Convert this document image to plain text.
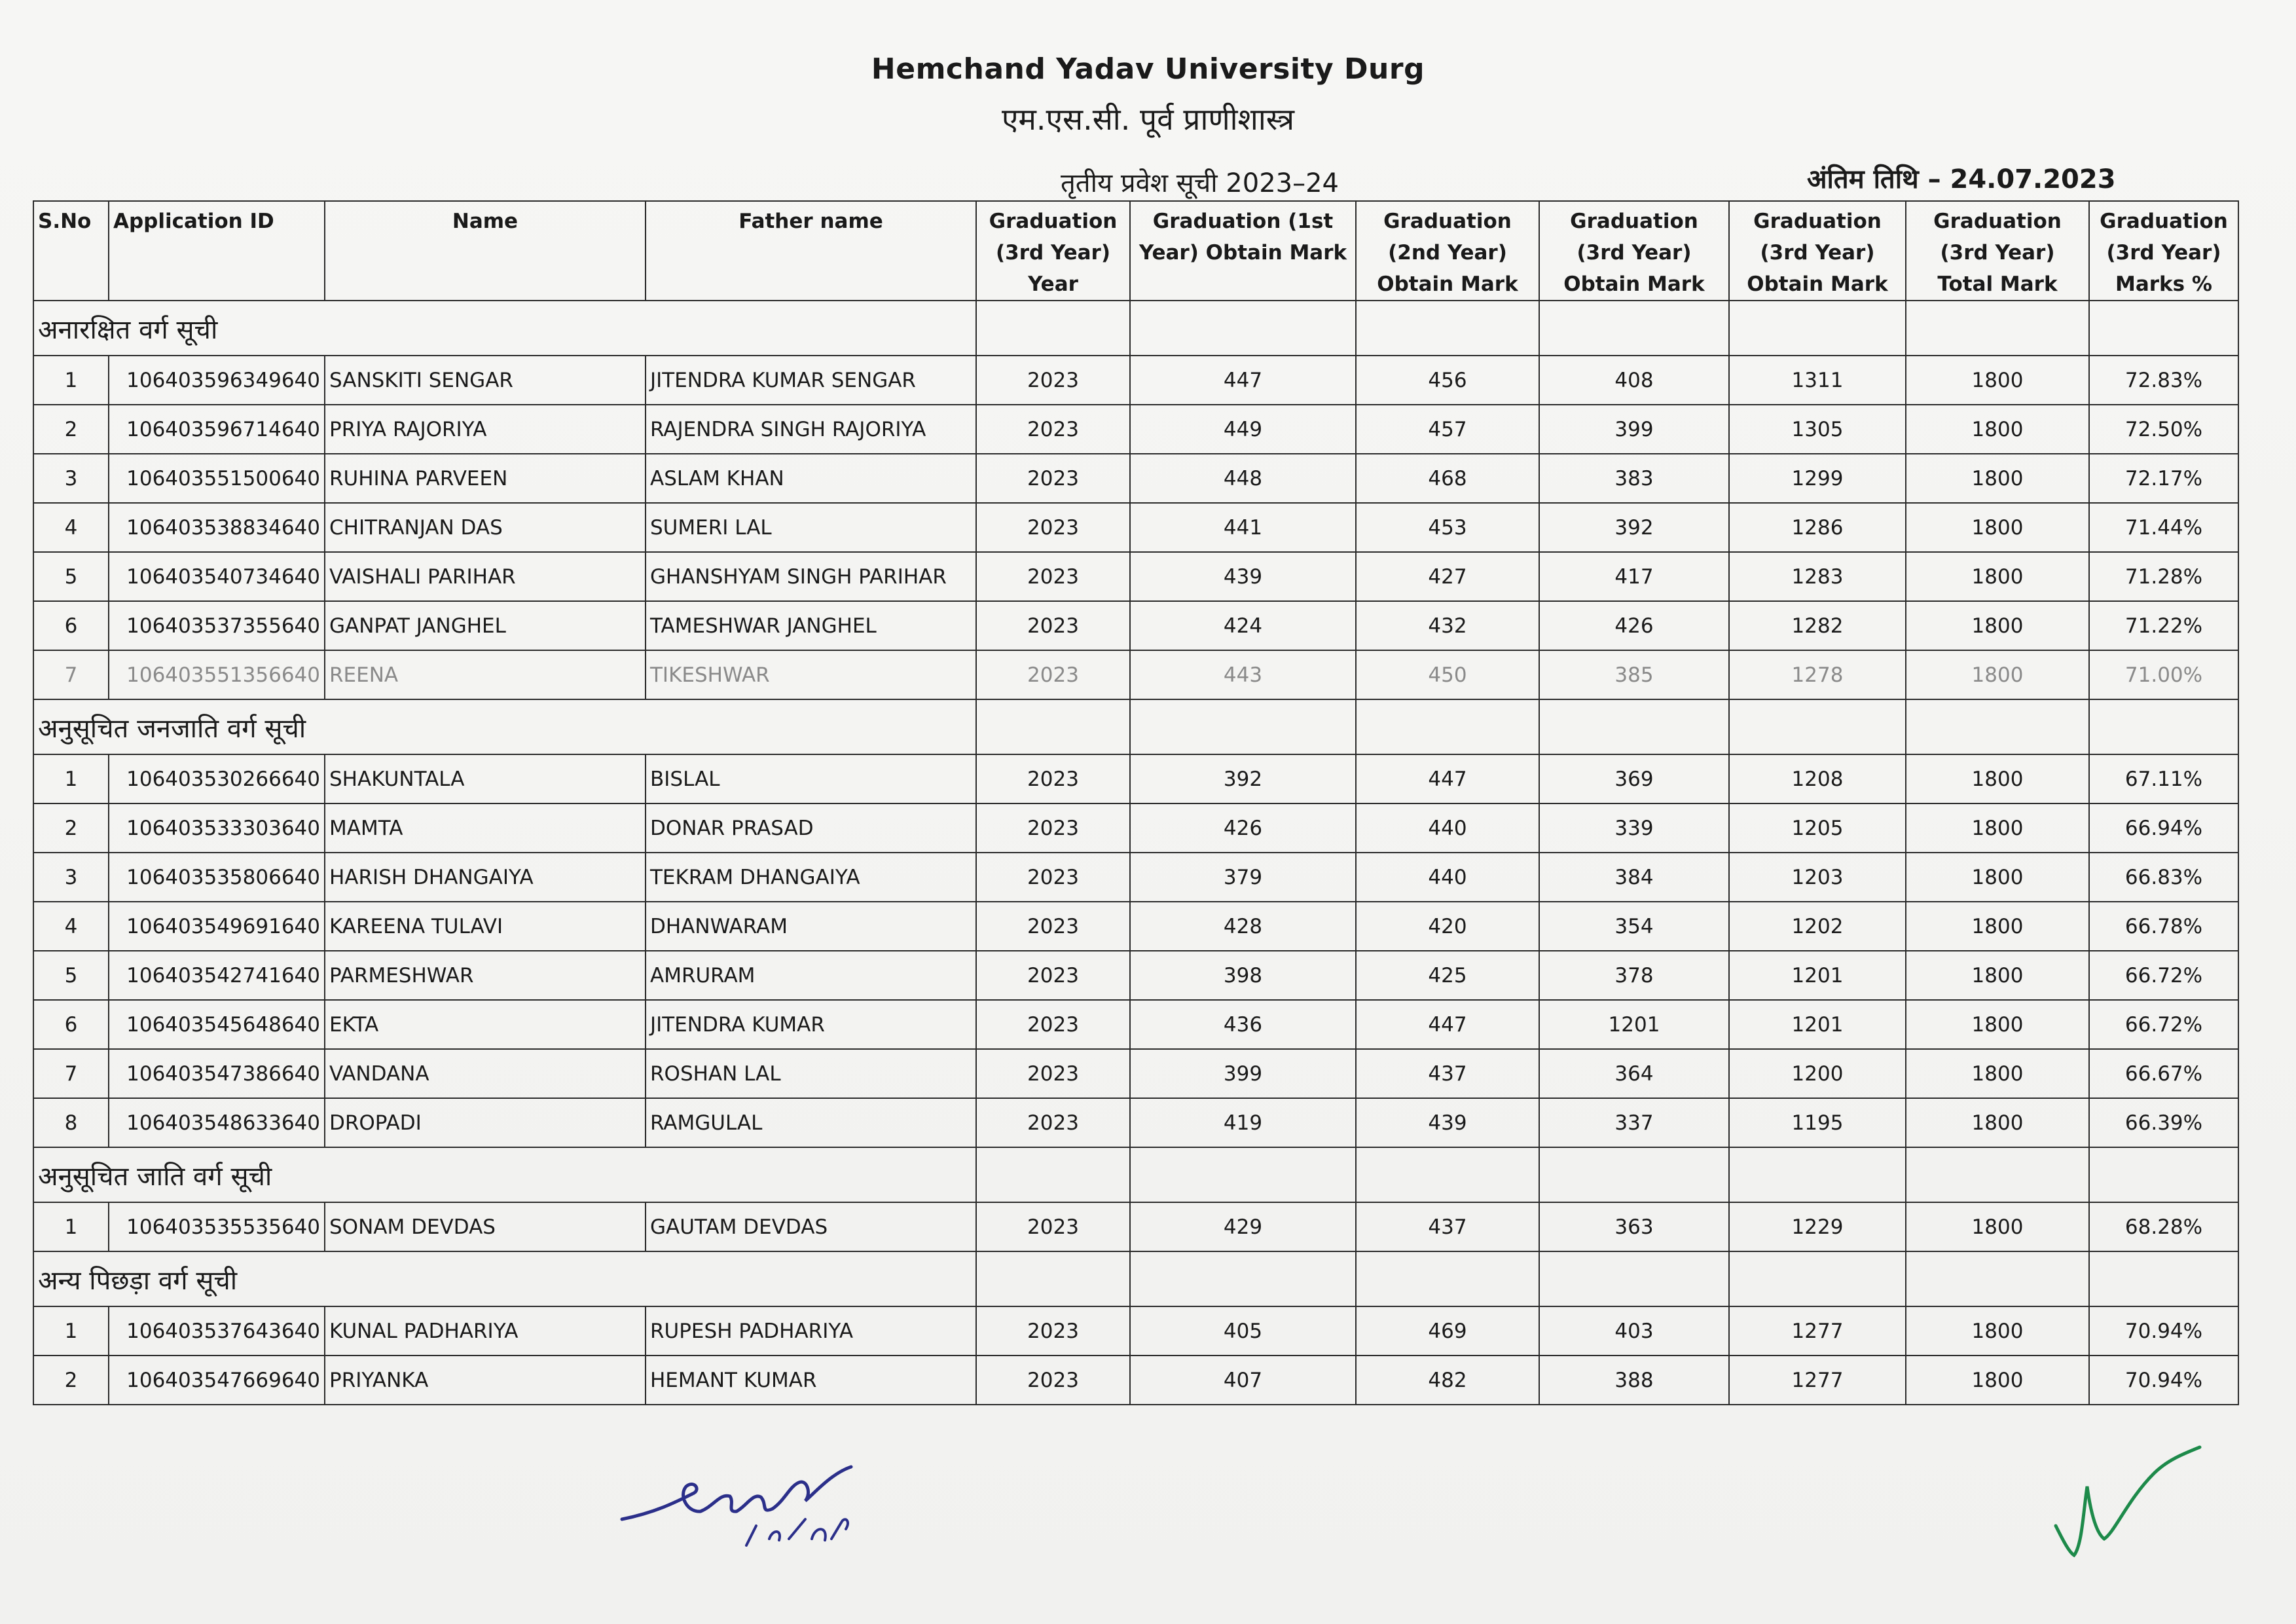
Hemchand Yadav University Durg
एम.एस.सी. पूर्व प्राणीशास्त्र
तृतीय प्रवेश सूची 2023–24	अंतिम तिथि – 24.07.2023
S.No	Application ID	Name	Father name	Graduation (3rd Year) Year	Graduation (1st Year) Obtain Mark	Graduation (2nd Year) Obtain Mark	Graduation (3rd Year) Obtain Mark	Graduation (3rd Year) Obtain Mark	Graduation (3rd Year) Total Mark	Graduation (3rd Year) Marks %
अनारक्षित वर्ग सूची										
1	106403596349640	SANSKITI SENGAR	JITENDRA KUMAR SENGAR	2023	447	456	408	1311	1800	72.83%
2	106403596714640	PRIYA RAJORIYA	RAJENDRA SINGH RAJORIYA	2023	449	457	399	1305	1800	72.50%
3	106403551500640	RUHINA PARVEEN	ASLAM KHAN	2023	448	468	383	1299	1800	72.17%
4	106403538834640	CHITRANJAN DAS	SUMERI LAL	2023	441	453	392	1286	1800	71.44%
5	106403540734640	VAISHALI PARIHAR	GHANSHYAM SINGH PARIHAR	2023	439	427	417	1283	1800	71.28%
6	106403537355640	GANPAT JANGHEL	TAMESHWAR JANGHEL	2023	424	432	426	1282	1800	71.22%
7	106403551356640	REENA	TIKESHWAR	2023	443	450	385	1278	1800	71.00%
अनुसूचित जनजाति वर्ग सूची										
1	106403530266640	SHAKUNTALA	BISLAL	2023	392	447	369	1208	1800	67.11%
2	106403533303640	MAMTA	DONAR PRASAD	2023	426	440	339	1205	1800	66.94%
3	106403535806640	HARISH DHANGAIYA	TEKRAM DHANGAIYA	2023	379	440	384	1203	1800	66.83%
4	106403549691640	KAREENA TULAVI	DHANWARAM	2023	428	420	354	1202	1800	66.78%
5	106403542741640	PARMESHWAR	AMRURAM	2023	398	425	378	1201	1800	66.72%
6	106403545648640	EKTA	JITENDRA KUMAR	2023	436	447	1201	1201	1800	66.72%
7	106403547386640	VANDANA	ROSHAN LAL	2023	399	437	364	1200	1800	66.67%
8	106403548633640	DROPADI	RAMGULAL	2023	419	439	337	1195	1800	66.39%
अनुसूचित जाति वर्ग सूची										
1	106403535535640	SONAM DEVDAS	GAUTAM DEVDAS	2023	429	437	363	1229	1800	68.28%
अन्य पिछड़ा वर्ग सूची										
1	106403537643640	KUNAL PADHARIYA	RUPESH PADHARIYA	2023	405	469	403	1277	1800	70.94%
2	106403547669640	PRIYANKA	HEMANT KUMAR	2023	407	482	388	1277	1800	70.94%
